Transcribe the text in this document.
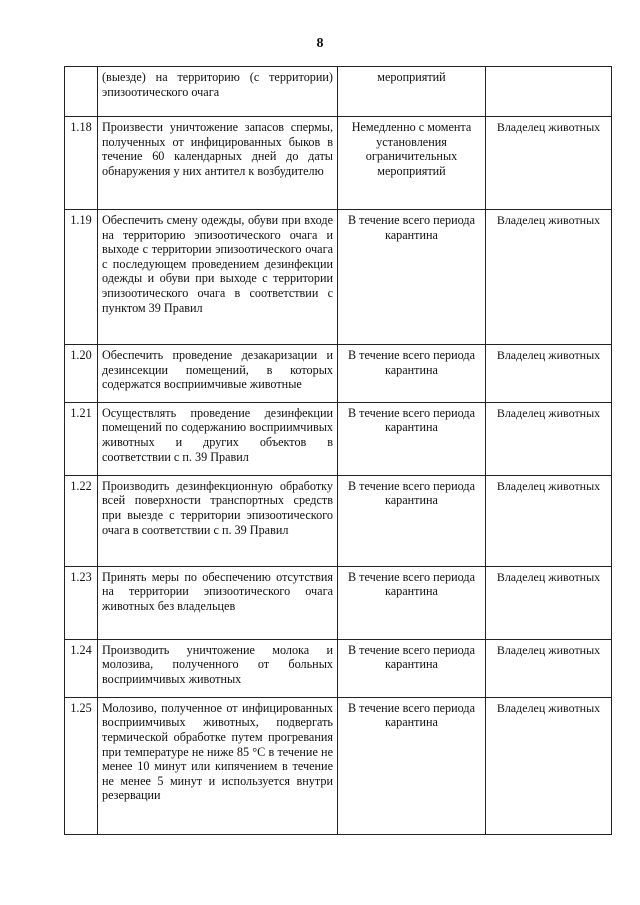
8
	(выезде) на территорию (с территории) эпизоотического очага	мероприятий	
1.18	Произвести уничтожение запасов спермы, полученных от инфицированных быков в течение 60 календарных дней до даты обнаружения у них антител к возбудителю	Немедленно с момента установления ограничительных мероприятий	Владелец животных
1.19	Обеспечить смену одежды, обуви при входе на территорию эпизоотического очага и выходе с территории эпизоотического очага с последующем проведением дезинфекции одежды и обуви при выходе с территории эпизоотического очага в соответствии с пунктом 39 Правил	В течение всего периода карантина	Владелец животных
1.20	Обеспечить проведение дезакаризации и дезинсекции помещений, в которых содержатся восприимчивые животные	В течение всего периода карантина	Владелец животных
1.21	Осуществлять проведение дезинфекции помещений по содержанию восприимчивых животных и других объектов в соответствии с п. 39 Правил	В течение всего периода карантина	Владелец животных
1.22	Производить дезинфекционную обработку всей поверхности транспортных средств при выезде с территории эпизоотического очага в соответствии с п. 39 Правил	В течение всего периода карантина	Владелец животных
1.23	Принять меры по обеспечению отсутствия на территории эпизоотического очага животных без владельцев	В течение всего периода карантина	Владелец животных
1.24	Производить уничтожение молока и молозива, полученного от больных восприимчивых животных	В течение всего периода карантина	Владелец животных
1.25	Молозиво, полученное от инфицированных восприимчивых животных, подвергать термической обработке путем прогревания при температуре не ниже 85 °С в течение не менее 10 минут или кипячением в течение не менее 5 минут и используется внутри резервации	В течение всего периода карантина	Владелец животных
